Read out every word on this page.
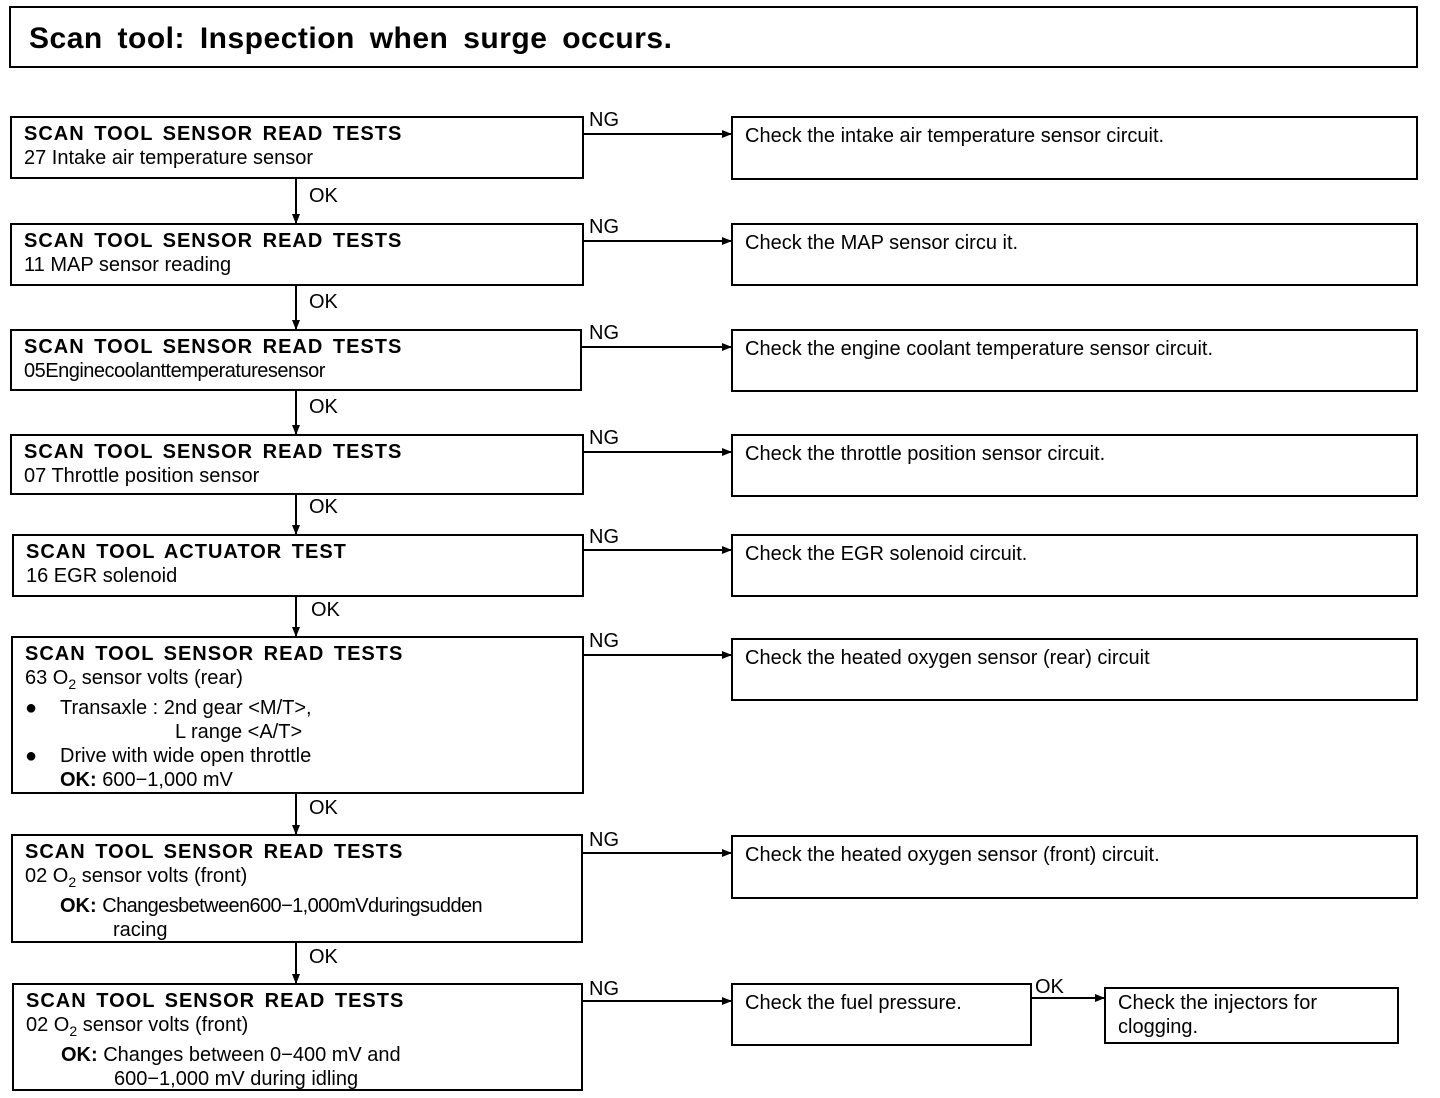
Scan tool: Inspection when surge occurs.
SCAN TOOL SENSOR READ TESTS
27 Intake air temperature sensor
Check the intake air temperature sensor circuit.
SCAN TOOL SENSOR READ TESTS
11 MAP sensor reading
Check the MAP sensor circu it.
SCAN TOOL SENSOR READ TESTS
05Enginecoolanttemperaturesensor
Check the engine coolant temperature sensor circuit.
SCAN TOOL SENSOR READ TESTS
07 Throttle position sensor
Check the throttle position sensor circuit.
SCAN TOOL ACTUATOR TEST
16 EGR solenoid
Check the EGR solenoid circuit.
SCAN TOOL SENSOR READ TESTS
63 $O_2$ sensor volts (rear)
● Transaxle : 2nd gear <M/T>,
L range <A/T>
● Drive with wide open throttle
OK: 600−1,000 mV
Check the heated oxygen sensor (rear) circuit
SCAN TOOL SENSOR READ TESTS
02 $O_2$ sensor volts (front)
OK: Changesbetween600−1,000mVduringsudden
racing
Check the heated oxygen sensor (front) circuit.
SCAN TOOL SENSOR READ TESTS
02 $O_2$ sensor volts (front)
OK: Changes between 0−400 mV and
600−1,000 mV during idling
Check the fuel pressure.	Check the injectors for clogging.
NG
NG
NG
NG
NG
NG
NG
NG
OK
OK
OK
OK
OK
OK
OK
OK
